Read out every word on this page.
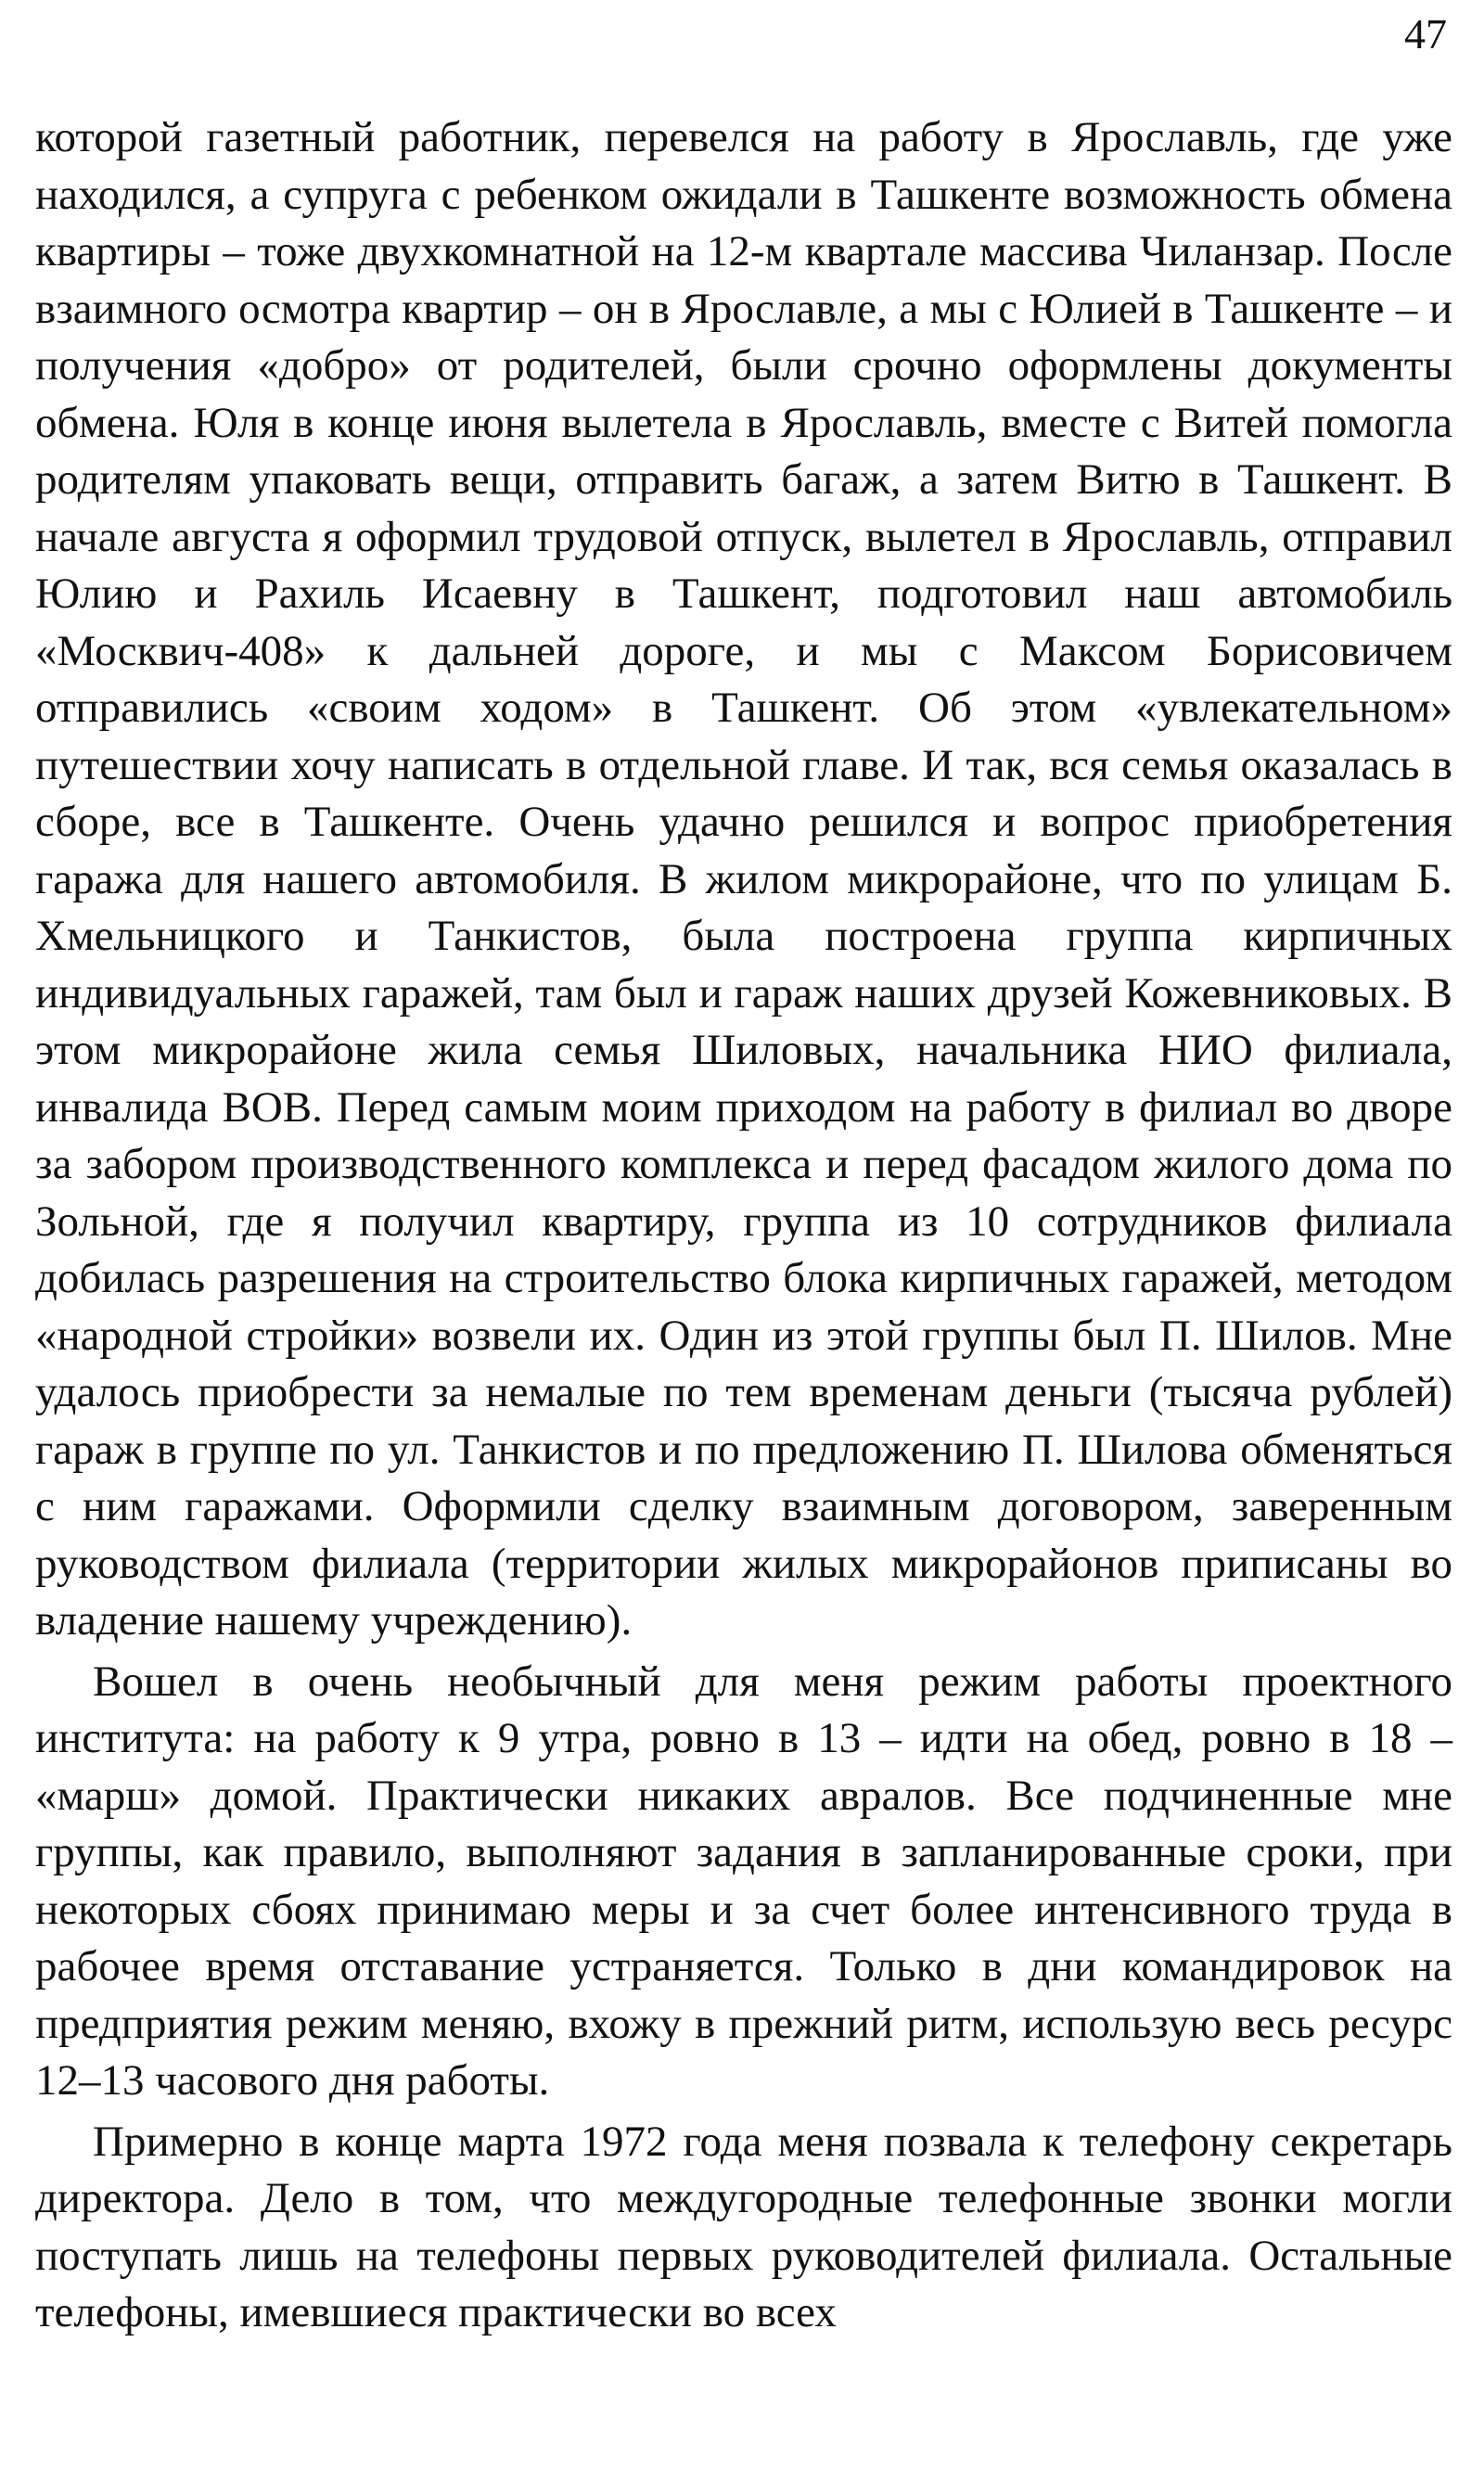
47

которой газетный работник, перевелся на работу в Ярославль, где уже находился, а супруга с ребенком ожидали в Ташкенте возможность обмена квартиры – тоже двухкомнатной на 12-м квартале массива Чиланзар. После взаимного осмотра квартир – он в Ярославле, а мы с Юлией в Ташкенте – и получения «добро» от родителей, были срочно оформлены документы обмена. Юля в конце июня вылетела в Ярославль, вместе с Витей помогла родителям упаковать вещи, отправить багаж, а затем Витю в Ташкент. В начале августа я оформил трудовой отпуск, вылетел в Ярославль, отправил Юлию и Рахиль Исаевну в Ташкент, подготовил наш автомобиль «Москвич-408» к дальней дороге, и мы с Максом Борисовичем отправились «своим ходом» в Ташкент. Об этом «увлекательном» путешествии хочу написать в отдельной главе. И так, вся семья оказалась в сборе, все в Ташкенте. Очень удачно решился и вопрос приобретения гаража для нашего автомобиля. В жилом микрорайоне, что по улицам Б. Хмельницкого и Танкистов, была построена группа кирпичных индивидуальных гаражей, там был и гараж наших друзей Кожевниковых. В этом микрорайоне жила семья Шиловых, начальника НИО филиала, инвалида ВОВ. Перед самым моим приходом на работу в филиал во дворе за забором производственного комплекса и перед фасадом жилого дома по Зольной, где я получил квартиру, группа из 10 сотрудников филиала добилась разрешения на строительство блока кирпичных гаражей, методом «народной стройки» возвели их. Один из этой группы был П. Шилов. Мне удалось приобрести за немалые по тем временам деньги (тысяча рублей) гараж в группе по ул. Танкистов и по предложению П. Шилова обменяться с ним гаражами. Оформили сделку взаимным договором, заверенным руководством филиала (территории жилых микрорайонов приписаны во владение нашему учреждению).

Вошел в очень необычный для меня режим работы проектного института: на работу к 9 утра, ровно в 13 – идти на обед, ровно в 18 – «марш» домой. Практически никаких авралов. Все подчиненные мне группы, как правило, выполняют задания в запланированные сроки, при некоторых сбоях принимаю меры и за счет более интенсивного труда в рабочее время отставание устраняется. Только в дни командировок на предприятия режим меняю, вхожу в прежний ритм, использую весь ресурс 12–13 часового дня работы.

Примерно в конце марта 1972 года меня позвала к телефону секретарь директора. Дело в том, что междугородные телефонные звонки могли поступать лишь на телефоны первых руководителей филиала. Остальные телефоны, имевшиеся практически во всех
